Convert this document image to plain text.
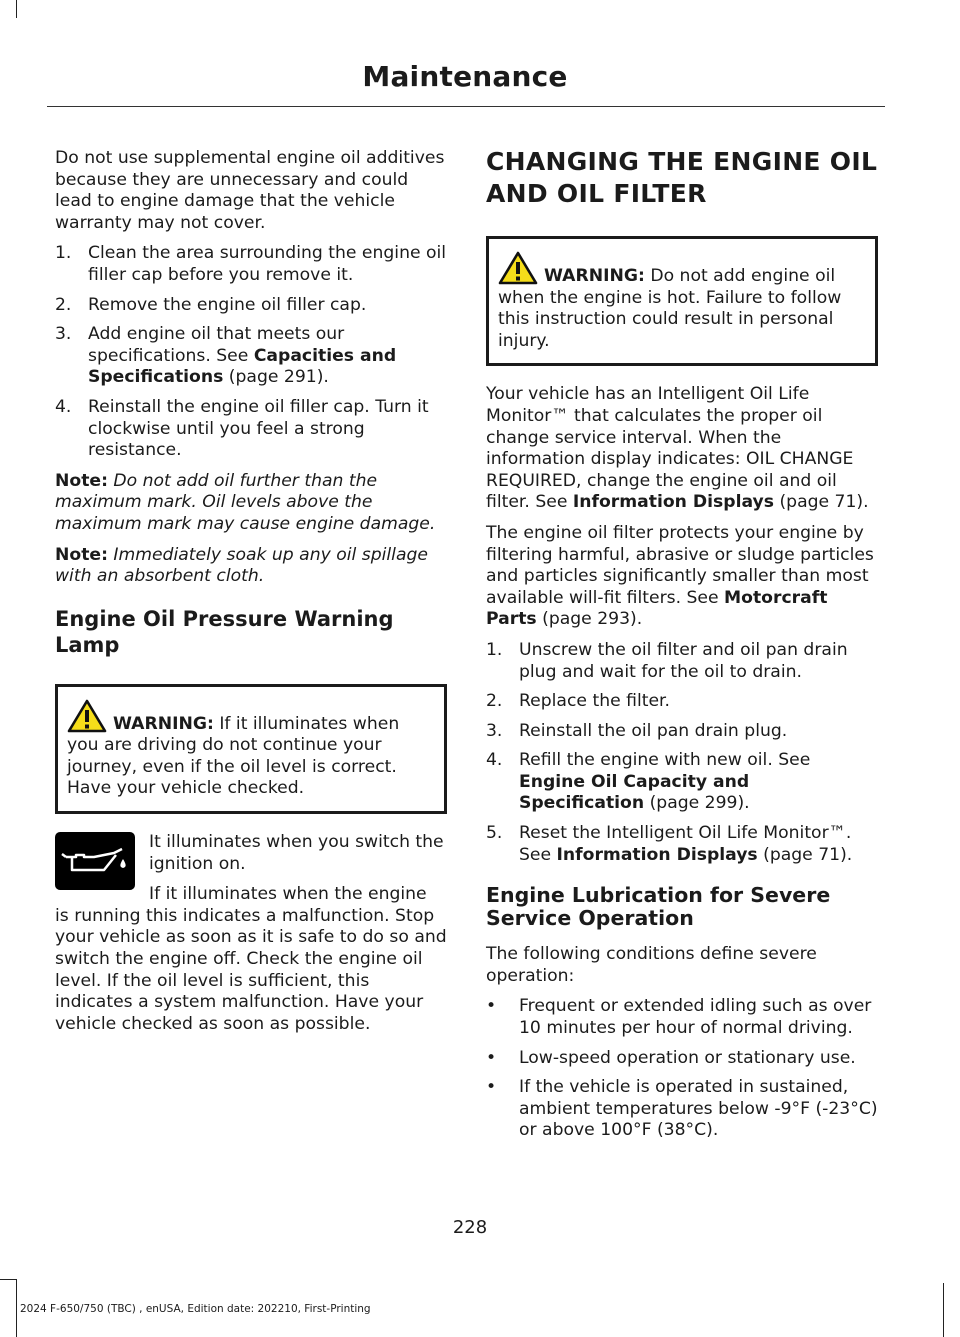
Maintenance

Do not use supplemental engine oil additives because they are unnecessary and could lead to engine damage that the vehicle warranty may not cover.

1. Clean the area surrounding the engine oil filler cap before you remove it.
2. Remove the engine oil filler cap.
3. Add engine oil that meets our specifications. See Capacities and Specifications (page 291).
4. Reinstall the engine oil filler cap. Turn it clockwise until you feel a strong resistance.

Note: Do not add oil further than the maximum mark. Oil levels above the maximum mark may cause engine damage.

Note: Immediately soak up any oil spillage with an absorbent cloth.

Engine Oil Pressure Warning Lamp
WARNING: If it illuminates when you are driving do not continue your journey, even if the oil level is correct. Have your vehicle checked.

It illuminates when you switch the ignition on.

If it illuminates when the engine

is running this indicates a malfunction. Stop your vehicle as soon as it is safe to do so and switch the engine off. Check the engine oil level. If the oil level is sufficient, this indicates a system malfunction. Have your vehicle checked as soon as possible.

CHANGING THE ENGINE OIL
AND OIL FILTER
WARNING: Do not add engine oil when the engine is hot. Failure to follow this instruction could result in personal injury.

Your vehicle has an Intelligent Oil Life Monitor™ that calculates the proper oil change service interval. When the information display indicates: OIL CHANGE REQUIRED, change the engine oil and oil filter. See Information Displays (page 71).

The engine oil filter protects your engine by filtering harmful, abrasive or sludge particles and particles significantly smaller than most available will-fit filters. See Motorcraft Parts (page 293).

1. Unscrew the oil filter and oil pan drain plug and wait for the oil to drain.
2. Replace the filter.
3. Reinstall the oil pan drain plug.
4. Refill the engine with new oil. See Engine Oil Capacity and Specification (page 299).
5. Reset the Intelligent Oil Life Monitor™. See Information Displays (page 71).
Engine Lubrication for Severe Service Operation

The following conditions define severe operation:

• Frequent or extended idling such as over 10 minutes per hour of normal driving.
• Low-speed operation or stationary use.
• If the vehicle is operated in sustained, ambient temperatures below -9°F (-23°C) or above 100°F (38°C).
228
2024 F-650/750 (TBC) , enUSA, Edition date: 202210, First-Printing
